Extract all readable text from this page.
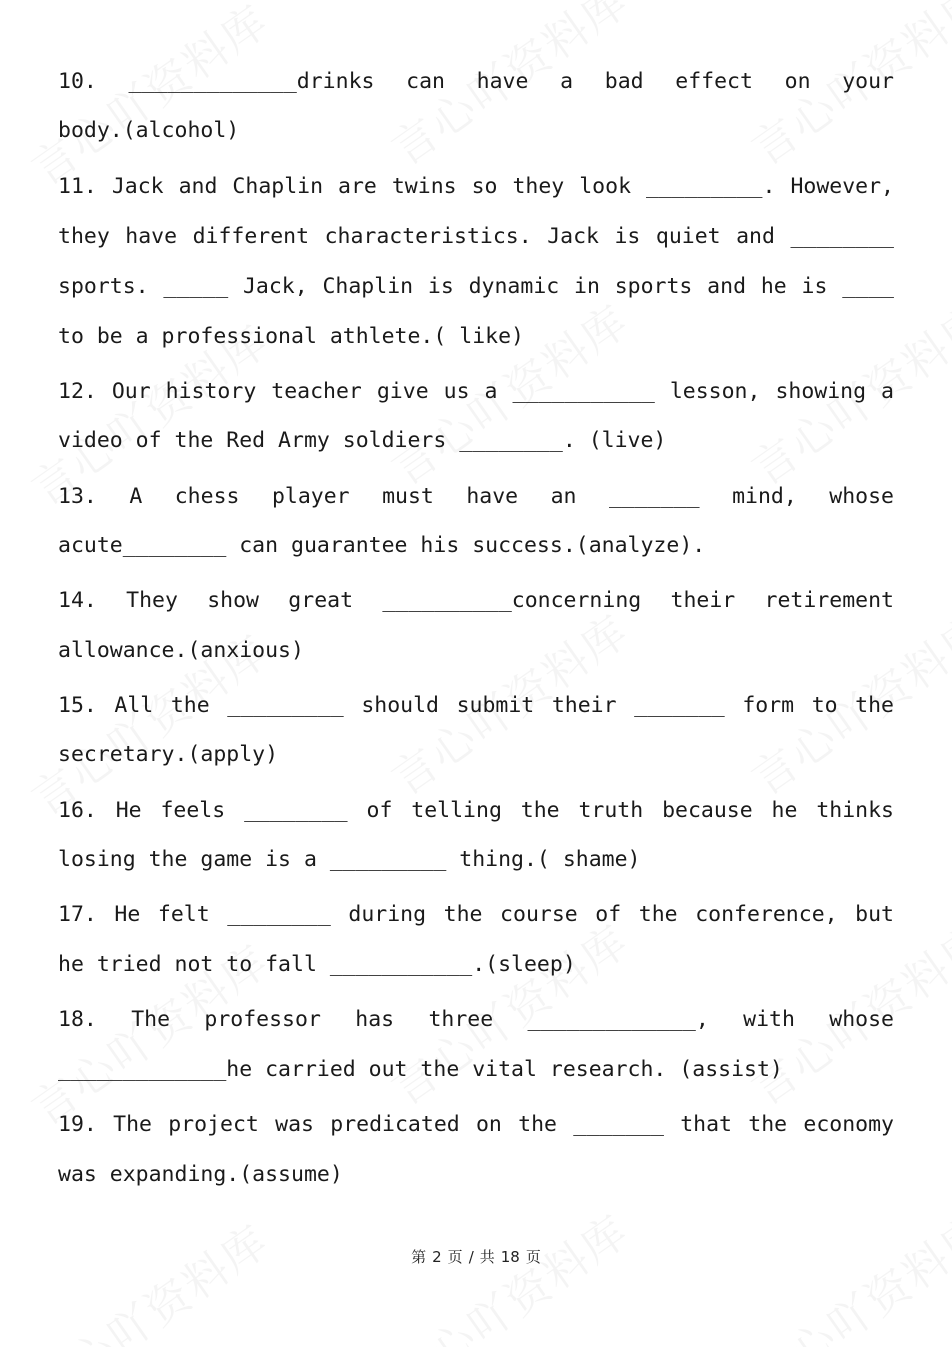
10. _____________drinks can have a bad effect on your
body.(alcohol)
11. Jack and Chaplin are twins so they look _________. However,
they have different characteristics. Jack is quiet and ________
sports. _____ Jack, Chaplin is dynamic in sports and he is ____
to be a professional athlete.( like)
12. Our history teacher give us a ___________ lesson, showing a
video of the Red Army soldiers ________. (live)
13. A chess player must have an _______ mind, whose
acute________ can guarantee his success.(analyze).
14. They show great __________concerning their retirement
allowance.(anxious)
15. All the _________ should submit their _______ form to the
secretary.(apply)
16. He feels ________ of telling the truth because he thinks
losing the game is a _________ thing.( shame)
17. He felt ________ during the course of the conference, but
he tried not to fall ___________.(sleep)
18. The professor has three _____________, with whose
_____________he carried out the vital research. (assist)
19. The project was predicated on the _______ that the economy
was expanding.(assume)
第 2 页 / 共 18 页
